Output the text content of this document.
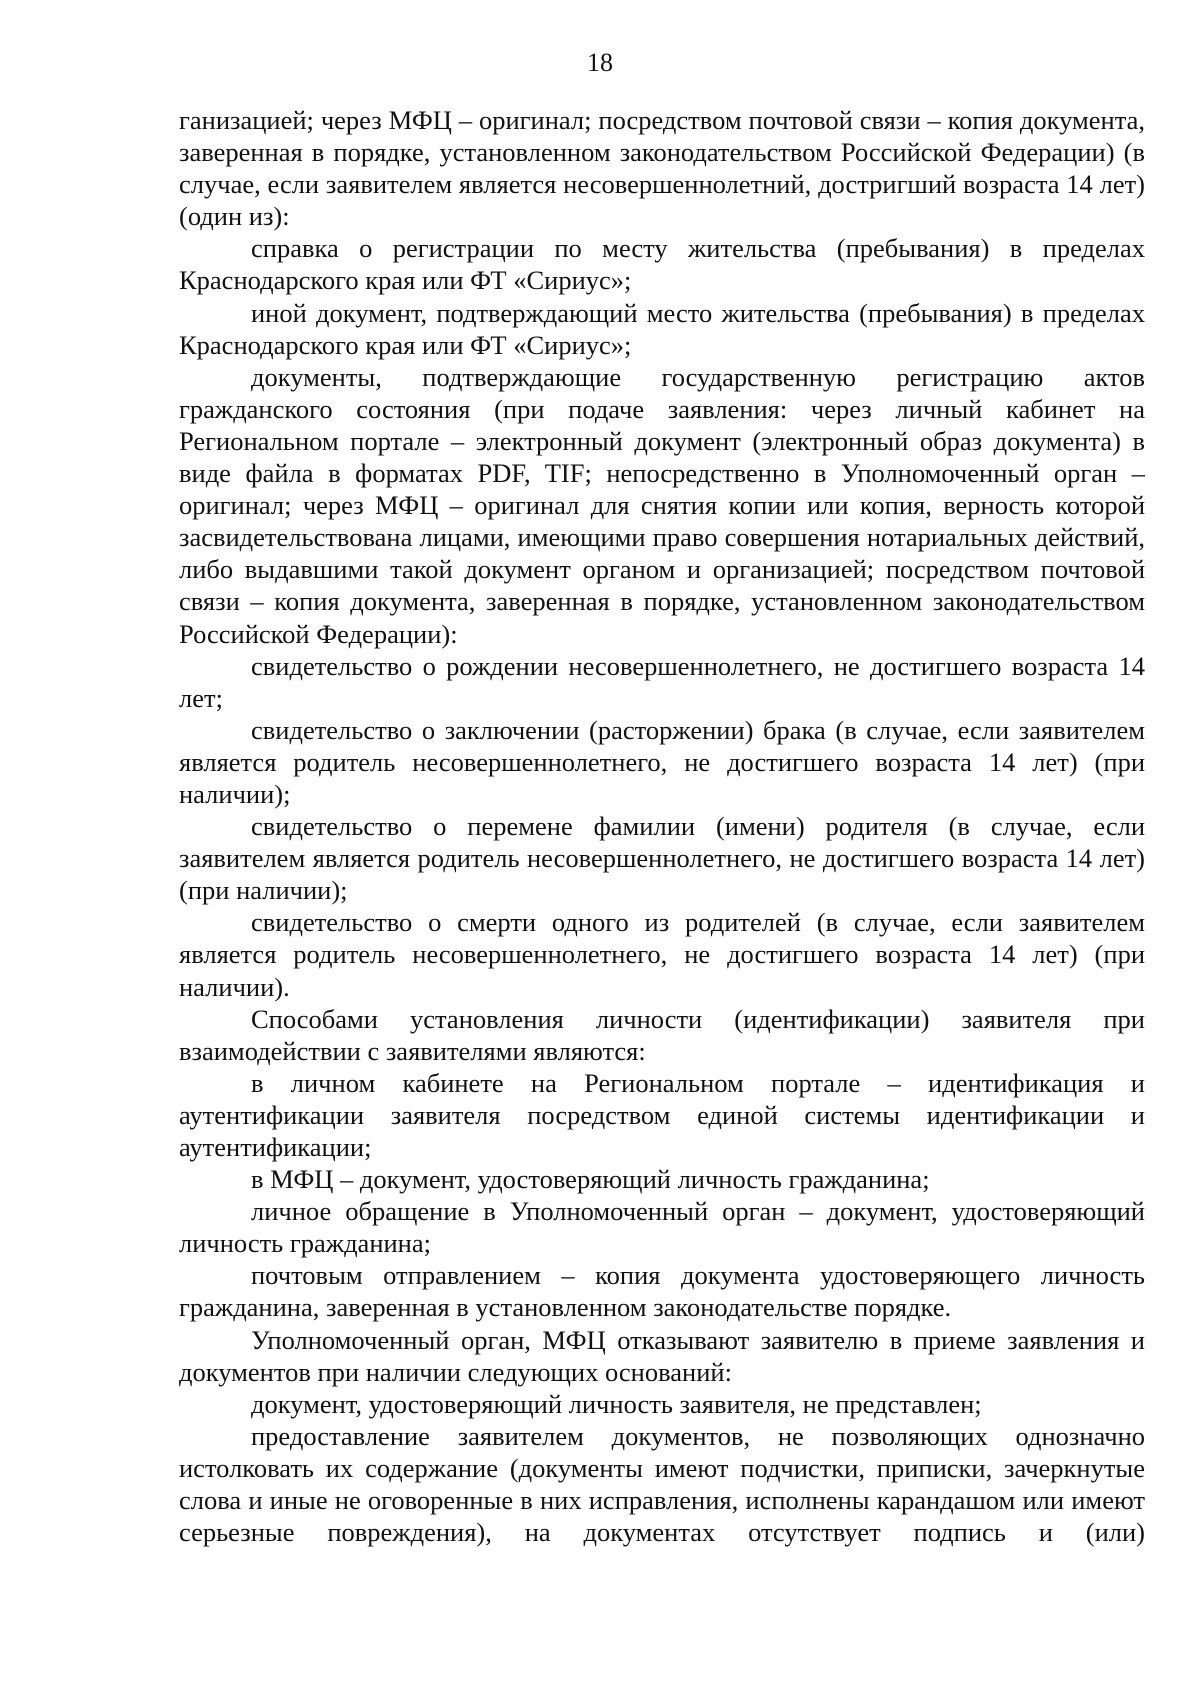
18

ганизацией; через МФЦ – оригинал; посредством почтовой связи – копия документа, заверенная в порядке, установленном законодательством Российской Федерации) (в случае, если заявителем является несовершеннолетний, достригший возраста 14 лет) (один из):

справка о регистрации по месту жительства (пребывания) в пределах Краснодарского края или ФТ «Сириус»;

иной документ, подтверждающий место жительства (пребывания) в пределах Краснодарского края или ФТ «Сириус»;

документы, подтверждающие государственную регистрацию актов гражданского состояния (при подаче заявления: через личный кабинет на Региональном портале – электронный документ (электронный образ документа) в виде файла в форматах PDF, TIF; непосредственно в Уполномоченный орган – оригинал; через МФЦ – оригинал для снятия копии или копия, верность которой засвидетельствована лицами, имеющими право совершения нотариальных действий, либо выдавшими такой документ органом и организацией; посредством почтовой связи – копия документа, заверенная в порядке, установленном законодательством Российской Федерации):

свидетельство о рождении несовершеннолетнего, не достигшего возраста 14 лет;

свидетельство о заключении (расторжении) брака (в случае, если заявителем является родитель несовершеннолетнего, не достигшего возраста 14 лет) (при наличии);

свидетельство о перемене фамилии (имени) родителя (в случае, если заявителем является родитель несовершеннолетнего, не достигшего возраста 14 лет) (при наличии);

свидетельство о смерти одного из родителей (в случае, если заявителем является родитель несовершеннолетнего, не достигшего возраста 14 лет) (при наличии).

Способами установления личности (идентификации) заявителя при взаимодействии с заявителями являются:

в личном кабинете на Региональном портале – идентификация и аутентификации заявителя посредством единой системы идентификации и аутентификации;

в МФЦ – документ, удостоверяющий личность гражданина;

личное обращение в Уполномоченный орган – документ, удостоверяющий личность гражданина;

почтовым отправлением – копия документа удостоверяющего личность гражданина, заверенная в установленном законодательстве порядке.

Уполномоченный орган, МФЦ отказывают заявителю в приеме заявления и документов при наличии следующих оснований:

документ, удостоверяющий личность заявителя, не представлен;

предоставление заявителем документов, не позволяющих однозначно истолковать их содержание (документы имеют подчистки, приписки, зачеркнутые слова и иные не оговоренные в них исправления, исполнены карандашом или имеют серьезные повреждения), на документах отсутствует подпись и (или)
